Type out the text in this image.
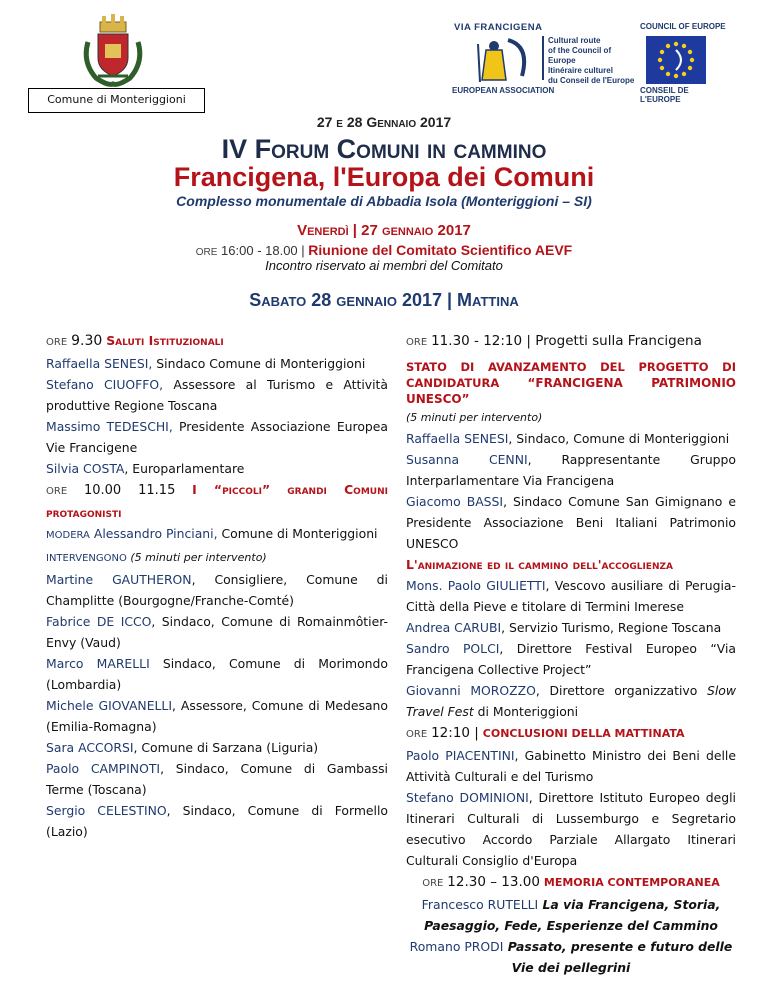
Comune di Monteriggioni
VIA FRANCIGENA
Cultural route
of the Council of Europe
Itinéraire culturel
du Conseil de l'Europe
EUROPEAN ASSOCIATION
COUNCIL OF EUROPE
CONSEIL DE L'EUROPE
27 e 28 Gennaio 2017
IV Forum Comuni in cammino
Francigena, l'Europa dei Comuni
Complesso monumentale di Abbadia Isola (Monteriggioni – SI)
Venerdì | 27 gennaio 2017
ORE 16:00 - 18.00 | Riunione del Comitato Scientifico AEVF
Incontro riservato ai membri del Comitato
Sabato 28 gennaio 2017 | Mattina

ORE 9.30 Saluti Istituzionali

Raffaella SENESI, Sindaco Comune di Monteriggioni

Stefano CIUOFFO, Assessore al Turismo e Attività produttive Regione Toscana

Massimo TEDESCHI, Presidente Associazione Europea Vie Francigene

Silvia COSTA, Europarlamentare

ORE 10.00 11.15 I “piccoli” grandi Comuni protagonisti

MODERA Alessandro Pinciani, Comune di Monteriggioni

INTERVENGONO (5 minuti per intervento)

Martine GAUTHERON, Consigliere, Comune di Champlitte (Bourgogne/Franche-Comté)

Fabrice DE ICCO, Sindaco, Comune di Romainmôtier-Envy (Vaud)

Marco MARELLI Sindaco, Comune di Morimondo (Lombardia)

Michele GIOVANELLI, Assessore, Comune di Medesano (Emilia-Romagna)

Sara ACCORSI, Comune di Sarzana (Liguria)

Paolo CAMPINOTI, Sindaco, Comune di Gambassi Terme (Toscana)

Sergio CELESTINO, Sindaco, Comune di Formello (Lazio)

ORE 11.30 - 12:10 | Progetti sulla Francigena

STATO DI AVANZAMENTO DEL PROGETTO DI CANDIDATURA “FRANCIGENA PATRIMONIO UNESCO”

(5 minuti per intervento)

Raffaella SENESI, Sindaco, Comune di Monteriggioni

Susanna CENNI, Rappresentante Gruppo Interparlamentare Via Francigena

Giacomo BASSI, Sindaco Comune San Gimignano e Presidente Associazione Beni Italiani Patrimonio UNESCO

L'animazione ed il cammino dell'accoglienza

Mons. Paolo GIULIETTI, Vescovo ausiliare di Perugia-Città della Pieve e titolare di Termini Imerese

Andrea CARUBI, Servizio Turismo, Regione Toscana

Sandro POLCI, Direttore Festival Europeo “Via Francigena Collective Project”

Giovanni MOROZZO, Direttore organizzativo Slow Travel Fest di Monteriggioni

ORE 12:10 | CONCLUSIONI DELLA MATTINATA

Paolo PIACENTINI, Gabinetto Ministro dei Beni delle Attività Culturali e del Turismo

Stefano DOMINIONI, Direttore Istituto Europeo degli Itinerari Culturali di Lussemburgo e Segretario esecutivo Accordo Parziale Allargato Itinerari Culturali Consiglio d'Europa

ORE 12.30 – 13.00 MEMORIA CONTEMPORANEA

Francesco RUTELLI La via Francigena, Storia, Paesaggio, Fede, Esperienze del Cammino

Romano PRODI Passato, presente e futuro delle Vie dei pellegrini
